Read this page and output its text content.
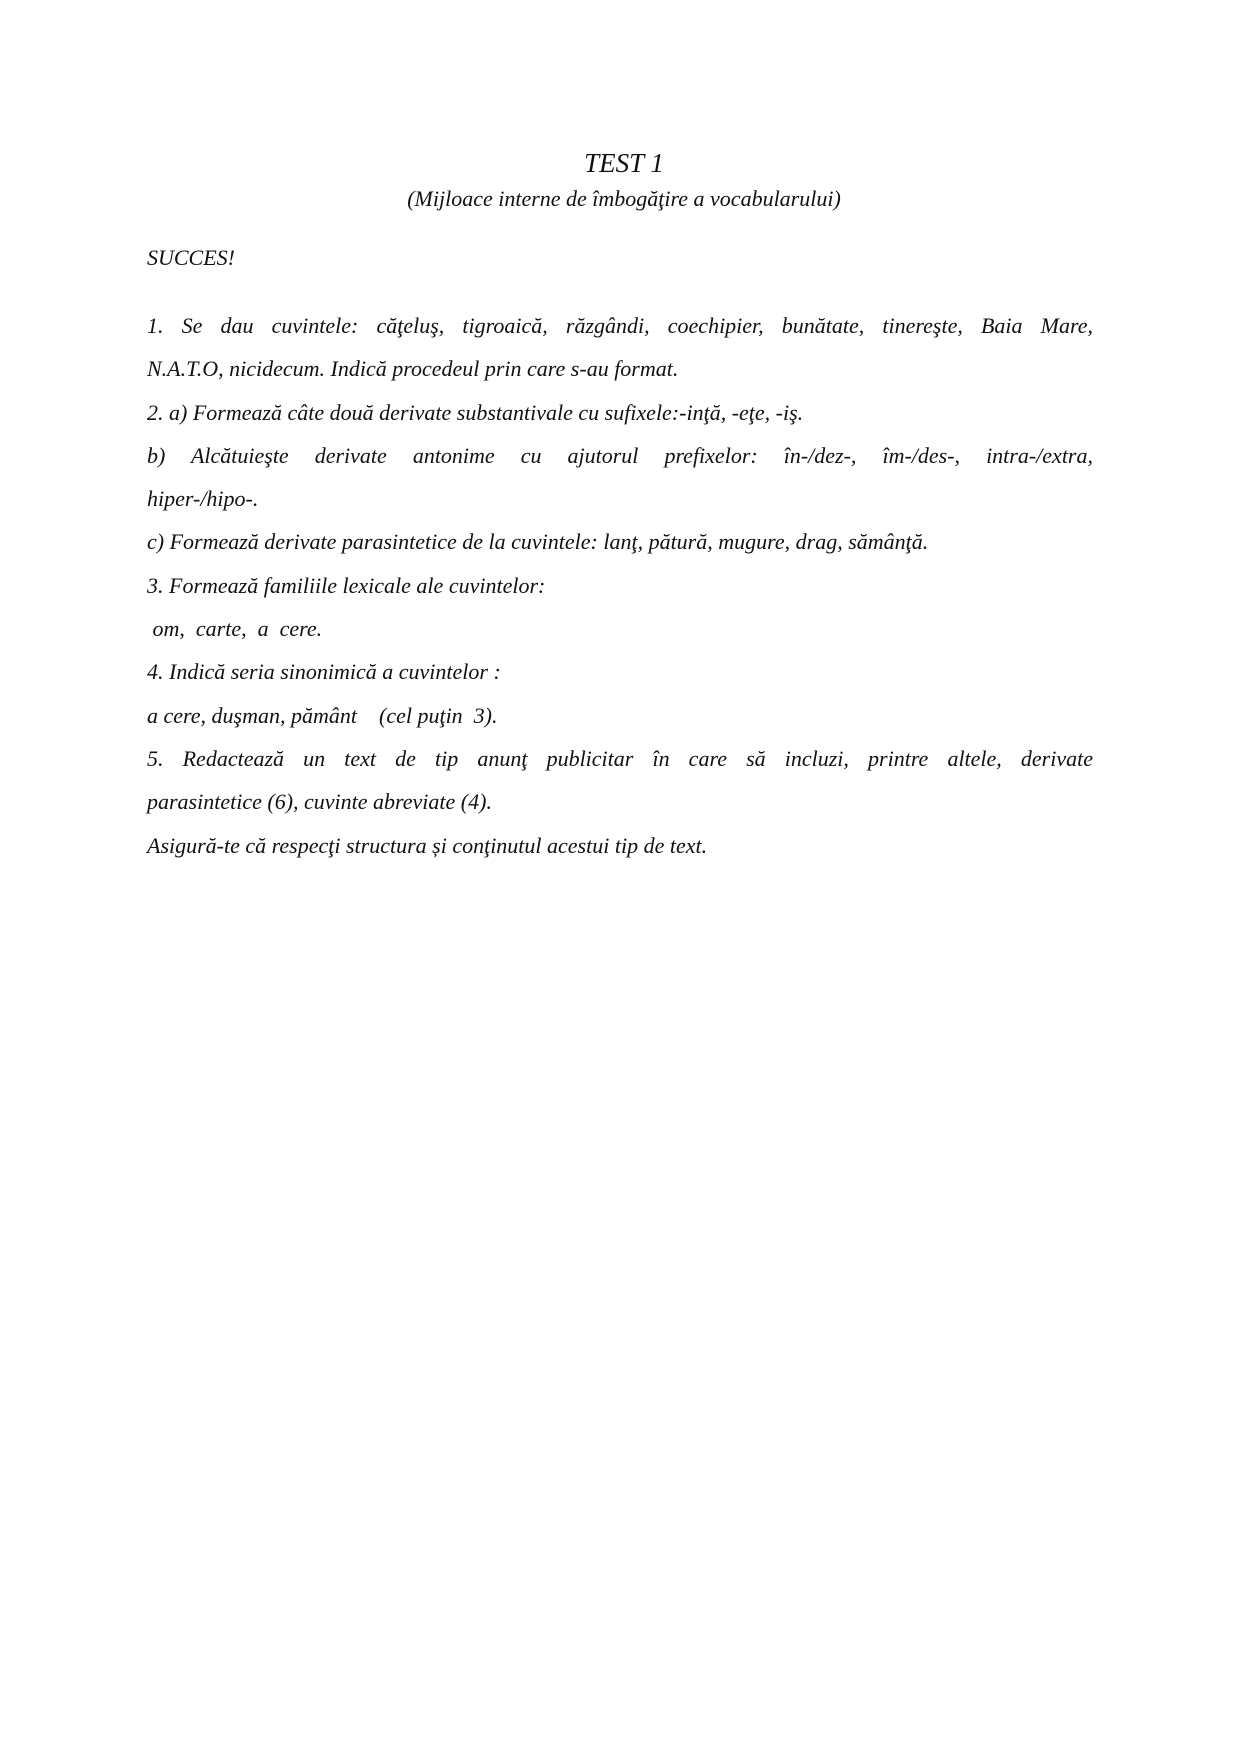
TEST 1
(Mijloace interne de îmbogăţire a vocabularului)
SUCCES!
1. Se dau cuvintele: căţeluş, tigroaică, răzgândi, coechipier, bunătate, tinereşte, Baia Mare,
N.A.T.O, nicidecum. Indică procedeul prin care s-au format.
2. a) Formează câte două derivate substantivale cu sufixele:-inţă, -eţe, -iş.
b) Alcătuieşte derivate antonime cu ajutorul prefixelor: în-/dez-, îm-/des-, intra-/extra,
hiper-/hipo-.
c) Formează derivate parasintetice de la cuvintele: lanţ, pătură, mugure, drag, sămânţă.
3. Formează familiile lexicale ale cuvintelor:
om,  carte,  a  cere.
4. Indică seria sinonimică a cuvintelor :
a cere, duşman, pământ    (cel puţin  3).
5. Redactează un text de tip anunţ publicitar în care să incluzi, printre altele, derivate
parasintetice (6), cuvinte abreviate (4).
Asigură-te că respecţi structura și conţinutul acestui tip de text.
